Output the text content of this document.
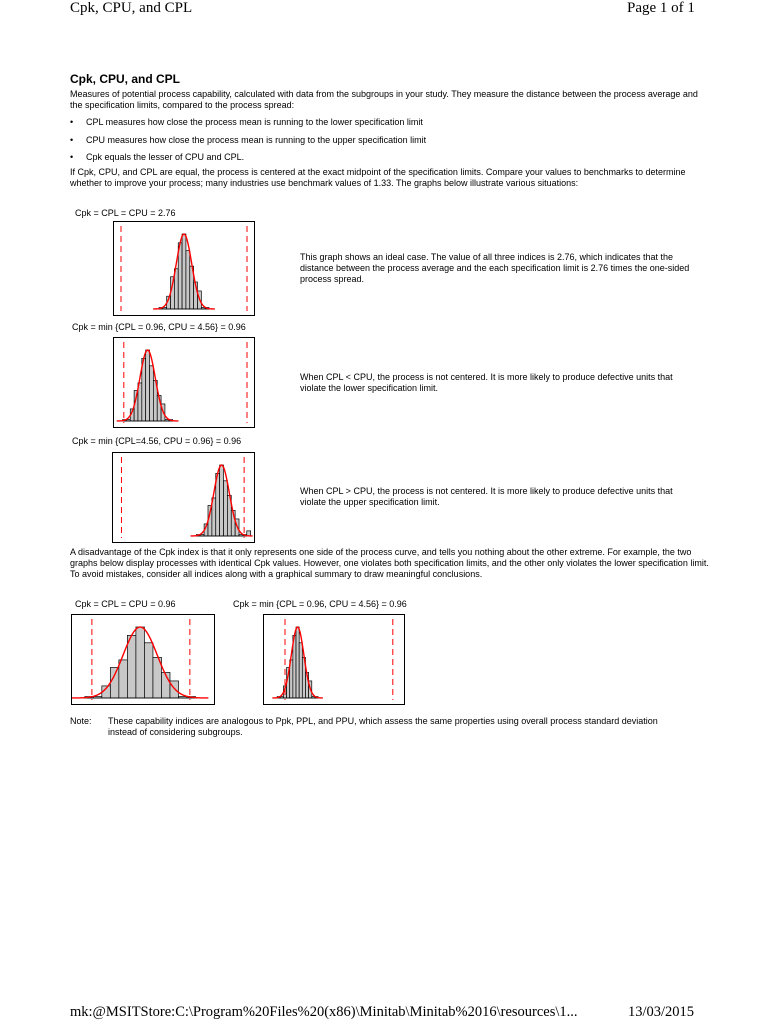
Cpk, CPU, and CPL	Page 1 of 1
Cpk, CPU, and CPL
Measures of potential process capability, calculated with data from the subgroups in your study. They measure the distance between the process average and the specification limits, compared to the process spread:
• CPL measures how close the process mean is running to the lower specification limit
• CPU measures how close the process mean is running to the upper specification limit
• Cpk equals the lesser of CPU and CPL.
If Cpk, CPU, and CPL are equal, the process is centered at the exact midpoint of the specification limits. Compare your values to benchmarks to determine whether to improve your process; many industries use benchmark values of 1.33. The graphs below illustrate various situations:
Cpk = CPL = CPU = 2.76
This graph shows an ideal case. The value of all three indices is 2.76, which indicates that the distance between the process average and the each specification limit is 2.76 times the one-sided process spread.
Cpk = min {CPL = 0.96, CPU = 4.56} = 0.96
When CPL < CPU, the process is not centered. It is more likely to produce defective units that violate the lower specification limit.
Cpk = min {CPL=4.56, CPU = 0.96} = 0.96
When CPL > CPU, the process is not centered. It is more likely to produce defective units that violate the upper specification limit.
A disadvantage of the Cpk index is that it only represents one side of the process curve, and tells you nothing about the other extreme. For example, the two graphs below display processes with identical Cpk values. However, one violates both specification limits, and the other only violates the lower specification limit. To avoid mistakes, consider all indices along with a graphical summary to draw meaningful conclusions.
Cpk = CPL = CPU = 0.96	Cpk = min {CPL = 0.96, CPU = 4.56} = 0.96
Note: These capability indices are analogous to Ppk, PPL, and PPU, which assess the same properties using overall process standard deviation instead of considering subgroups.
mk:@MSITStore:C:\Program%20Files%20(x86)\Minitab\Minitab%2016\resources\1...	13/03/2015
